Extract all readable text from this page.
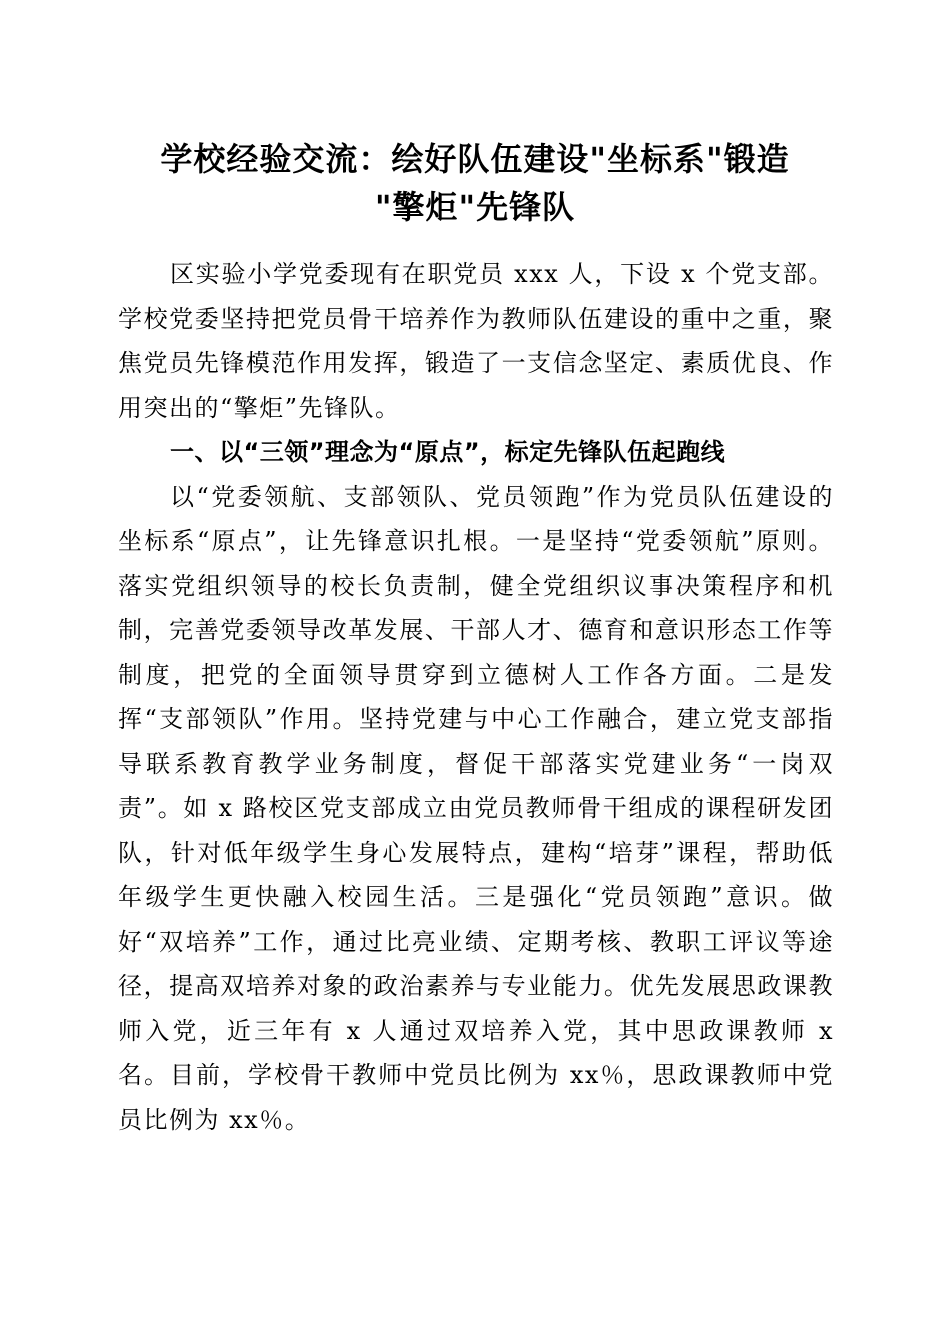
学校经验交流：绘好队伍建设"坐标系"锻造
"擎炬"先锋队

区实验小学党委现有在职党员 xxx 人，下设 x 个党支部。学校党委坚持把党员骨干培养作为教师队伍建设的重中之重，聚焦党员先锋模范作用发挥，锻造了一支信念坚定、素质优良、作用突出的“擎炬”先锋队。

一、以“三领”理念为“原点”，标定先锋队伍起跑线

以“党委领航、支部领队、党员领跑”作为党员队伍建设的坐标系“原点”，让先锋意识扎根。一是坚持“党委领航”原则。落实党组织领导的校长负责制，健全党组织议事决策程序和机制，完善党委领导改革发展、干部人才、德育和意识形态工作等制度，把党的全面领导贯穿到立德树人工作各方面。二是发挥“支部领队”作用。坚持党建与中心工作融合，建立党支部指导联系教育教学业务制度，督促干部落实党建业务“一岗双责”。如 x 路校区党支部成立由党员教师骨干组成的课程研发团队，针对低年级学生身心发展特点，建构“培芽”课程，帮助低年级学生更快融入校园生活。三是强化“党员领跑”意识。做好“双培养”工作，通过比亮业绩、定期考核、教职工评议等途径，提高双培养对象的政治素养与专业能力。优先发展思政课教师入党，近三年有 x 人通过双培养入党，其中思政课教师 x 名。目前，学校骨干教师中党员比例为 xx％，思政课教师中党员比例为 xx％。
